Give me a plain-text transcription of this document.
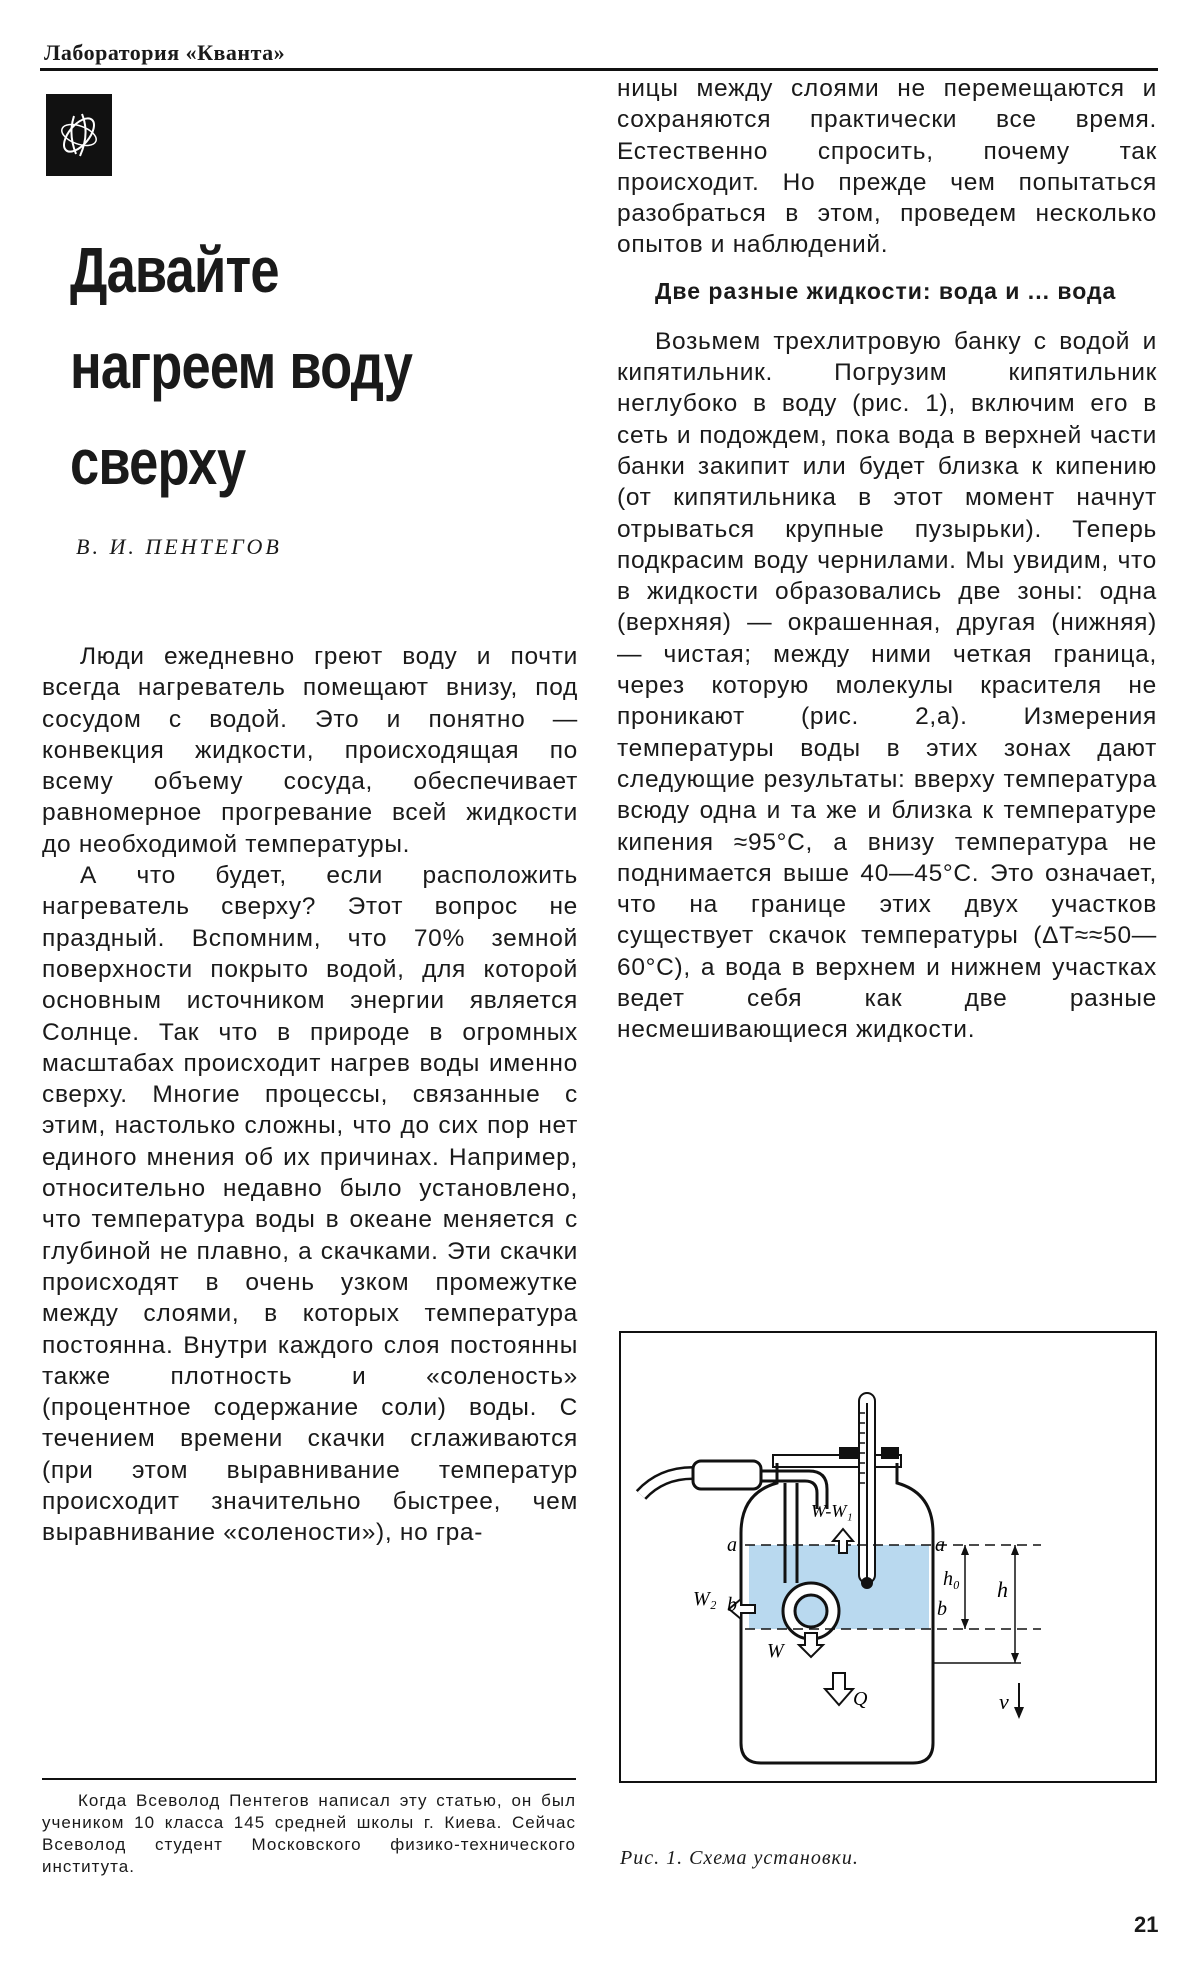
Лаборатория «Кванта»
Давайте
нагреем воду
сверху
В. И. ПЕНТЕГОВ

Люди ежедневно греют воду и почти всегда нагреватель помещают внизу, под сосудом с водой. Это и понятно — конвекция жидкости, происходящая по всему объему сосуда, обеспечивает равномерное прогревание всей жидкости до необходимой температуры.

А что будет, если расположить нагреватель сверху? Этот вопрос не праздный. Вспомним, что 70% земной поверхности покрыто водой, для которой основным источником энергии является Солнце. Так что в природе в огромных масштабах происходит нагрев воды именно сверху. Многие процессы, связанные с этим, настолько сложны, что до сих пор нет единого мнения об их причинах. Например, относительно недавно было установлено, что температура воды в океане меняется с глубиной не плавно, а скачками. Эти скачки происходят в очень узком промежутке между слоями, в которых температура постоянна. Внутри каждого слоя постоянны также плотность и «соленость» (процентное содержание соли) воды. С течением времени скачки сглаживаются (при этом выравнивание температур происходит значительно быстрее, чем выравнивание «солености»), но гра-

ницы между слоями не перемещаются и сохраняются практически все время. Естественно спросить, почему так происходит. Но прежде чем попытаться разобраться в этом, проведем несколько опытов и наблюдений.

Две разные жидкости: вода и ... вода

Возьмем трехлитровую банку с водой и кипятильник. Погрузим кипятильник неглубоко в воду (рис. 1), включим его в сеть и подождем, пока вода в верхней части банки закипит или будет близка к кипению (от кипятильника в этот момент начнут отрываться крупные пузырьки). Теперь подкрасим воду чернилами. Мы увидим, что в жидкости образовались две зоны: одна (верхняя) — окрашенная, другая (нижняя) — чистая; между ними четкая граница, через которую молекулы красителя не проникают (рис. 2,а). Измерения температуры воды в этих зонах дают следующие результаты: вверху температура всюду одна и та же и близка к температуре кипения ≈95°C, а внизу температура не поднимается выше 40—45°C. Это означает, что на границе этих двух участков существует скачок температуры (ΔT≈≈50—60°C), а вода в верхнем и нижнем участках ведет себя как две разные несмешивающиеся жидкости.

a	a
b	b
h₀ h
v
W-W₁
W₂
W
Q
Рис. 1. Схема установки.

Когда Всеволод Пентегов написал эту статью, он был учеником 10 класса 145 средней школы г. Киева. Сейчас Всеволод студент Московского физико-технического института.

21
